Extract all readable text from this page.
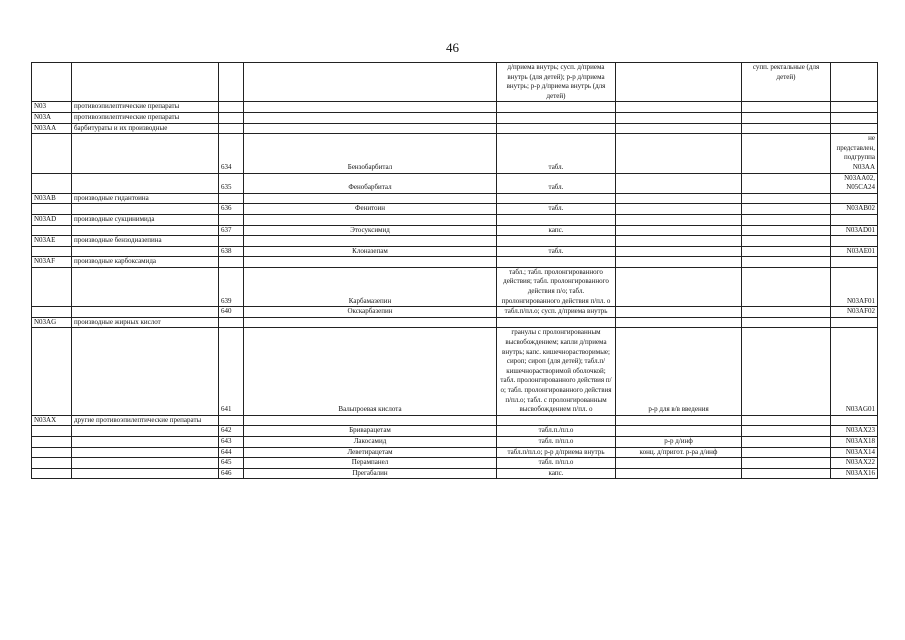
46
				д/приема внутрь; сусп. д/приема внутрь (для детей); р-р д/приема внутрь; р-р д/приема внутрь (для детей)		супп. ректальные (для детей)	
N03	противоэпилептические препараты						
N03A	противоэпилептические препараты						
N03AA	барбитураты и их производные						
		634	Бензобарбитал	табл.			не представлен, подгруппа N03AA
		635	Фенобарбитал	табл.			N03AA02, N05CA24
N03AB	производные гидантоина						
		636	Фенитоин	табл.			N03AB02
N03AD	производные сукцинимида						
		637	Этосуксимид	капс.			N03AD01
N03AE	производные бензодиазепина						
		638	Клоназепам	табл.			N03AE01
N03AF	производные карбоксамида						
		639	Карбамазепин	табл.; табл. пролонгированного действия; табл. пролонгированного действия п/о; табл. пролонгированного действия п/пл. о			N03AF01
		640	Окскарбазепин	табл.п/пл.о; сусп. д/приема внутрь			N03AF02
N03AG	производные жирных кислот						
		641	Вальпроевая кислота	гранулы с пролонгированным высвобождением; капли д/приема внутрь; капс. кишечнорастворимые; сироп; сироп (для детей); табл.п/кишечнорастворимой оболочкой; табл. пролонгированного действия п/о; табл. пролонгированного действия п/пл.о; табл. с пролонгированным высвобождением п/пл. о	р-р для в/в введения		N03AG01
N03AX	другие противоэпилептические препараты						
		642	Бриварацетам	табл.п./пл.о			N03AX23
		643	Лакосамид	табл. п/пл.о	р-р д/инф		N03AX18
		644	Леветирацетам	табл.п/пл.о; р-р д/приема внутрь	конц. д/пригот. р-ра д/инф		N03AX14
		645	Перампанел	табл. п/пл.о			N03AX22
		646	Прегабалин	капс.			N03AX16
